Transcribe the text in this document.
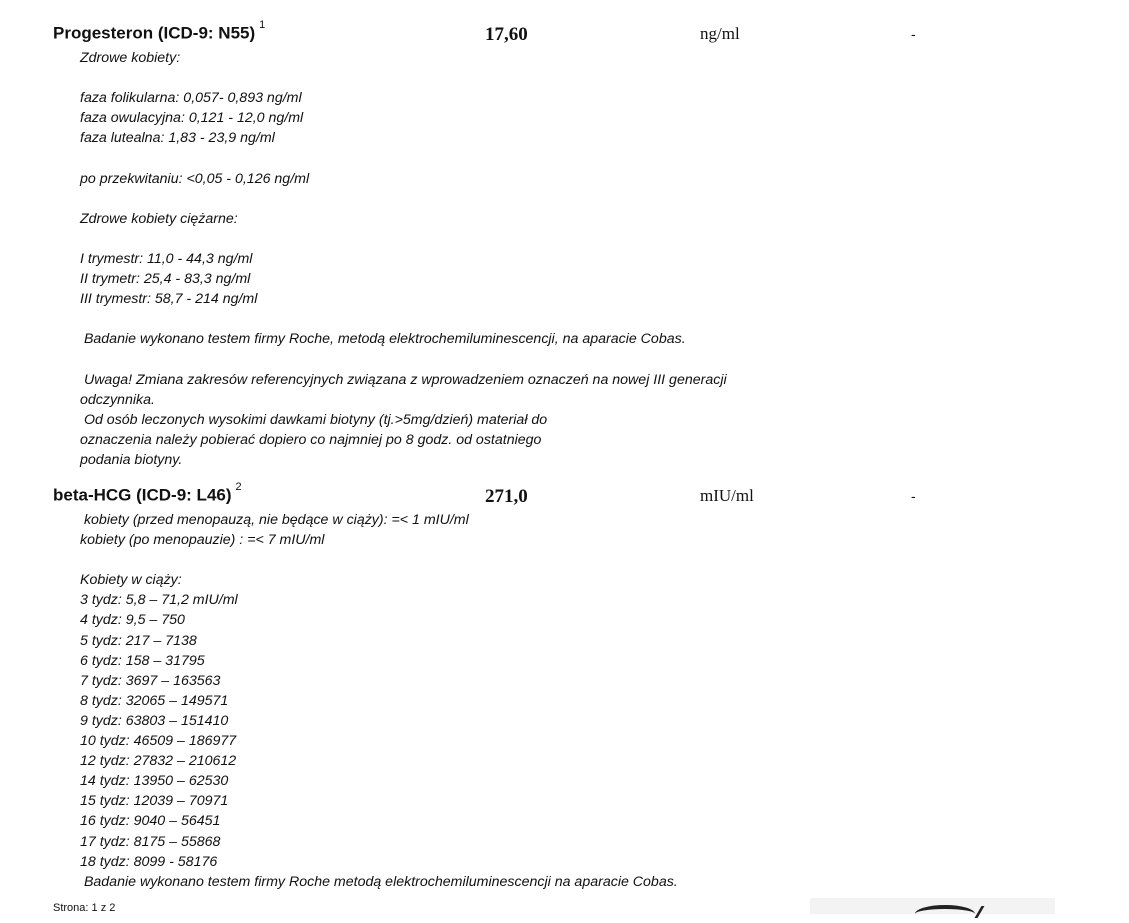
Progesteron (ICD-9: N55) $^1$	17,60	ng/ml	-
Zdrowe kobiety:
faza folikularna: 0,057- 0,893 ng/ml
faza owulacyjna: 0,121 - 12,0 ng/ml
faza lutealna: 1,83 - 23,9 ng/ml
po przekwitaniu: <0,05 - 0,126 ng/ml
Zdrowe kobiety ciężarne:
I trymestr: 11,0 - 44,3 ng/ml
II trymetr: 25,4 - 83,3 ng/ml
III trymestr: 58,7 - 214 ng/ml
Badanie wykonano testem firmy Roche, metodą elektrochemiluminescencji, na aparacie Cobas.
Uwaga! Zmiana zakresów referencyjnych związana z wprowadzeniem oznaczeń na nowej III generacji
odczynnika.
Od osób leczonych wysokimi dawkami biotyny (tj.>5mg/dzień) materiał do
oznaczenia należy pobierać dopiero co najmniej po 8 godz. od ostatniego
podania biotyny.
beta-HCG (ICD-9: L46) $^2$	271,0	mIU/ml	-
kobiety (przed menopauzą, nie będące w ciąży): =< 1 mIU/ml
kobiety (po menopauzie) : =< 7 mIU/ml
Kobiety w ciąży:
3 tydz: 5,8 – 71,2 mIU/ml
4 tydz: 9,5 – 750
5 tydz: 217 – 7138
6 tydz: 158 – 31795
7 tydz: 3697 – 163563
8 tydz: 32065 – 149571
9 tydz: 63803 – 151410
10 tydz: 46509 – 186977
12 tydz: 27832 – 210612
14 tydz: 13950 – 62530
15 tydz: 12039 – 70971
16 tydz: 9040 – 56451
17 tydz: 8175 – 55868
18 tydz: 8099 - 58176
Badanie wykonano testem firmy Roche metodą elektrochemiluminescencji na aparacie Cobas.
Strona: 1 z 2
